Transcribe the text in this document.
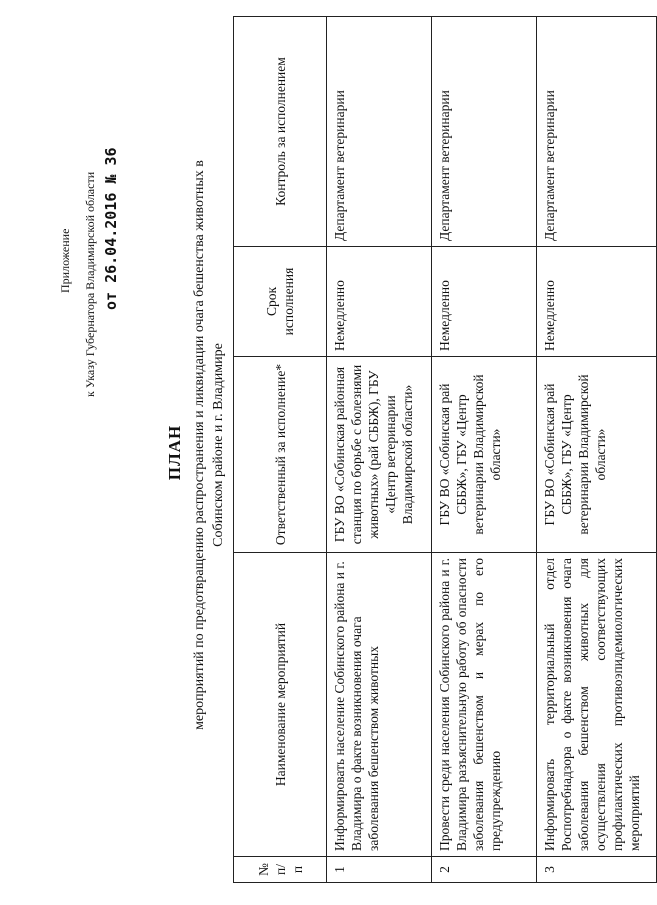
Приложение к Указу Губернатора Владимирской области от 26.04.2016 № 36
ПЛАН мероприятий по предотвращению распространения и ликвидации очага бешенства животных в Собинском районе и г. Владимире
№ п/п	Наименование мероприятий	Ответственный за исполнение*	Срок исполнения	Контроль за исполнением
1	Информировать население Собинского района и г. Владимира о факте возникновения очага заболевания бешенством животных	ГБУ ВО «Собинская районная станция по борьбе с болезнями животных» (рай СББЖ), ГБУ «Центр ветеринарии Владимирской области»	Немедленно	Департамент ветеринарии
2	Провести среди населения Собинского района и г. Владимира разъяснительную работу об опасности заболевания бешенством и мерах по его предупреждению	ГБУ ВО «Собинская рай СББЖ», ГБУ «Центр ветеринарии Владимирской области»	Немедленно	Департамент ветеринарии
3	Информировать территориальный отдел Роспотребнадзора о факте возникновения очага заболевания бешенством животных для осуществления соответствующих профилактических противоэпидемиологических мероприятий	ГБУ ВО «Собинская рай СББЖ», ГБУ «Центр ветеринарии Владимирской области»	Немедленно	Департамент ветеринарии
